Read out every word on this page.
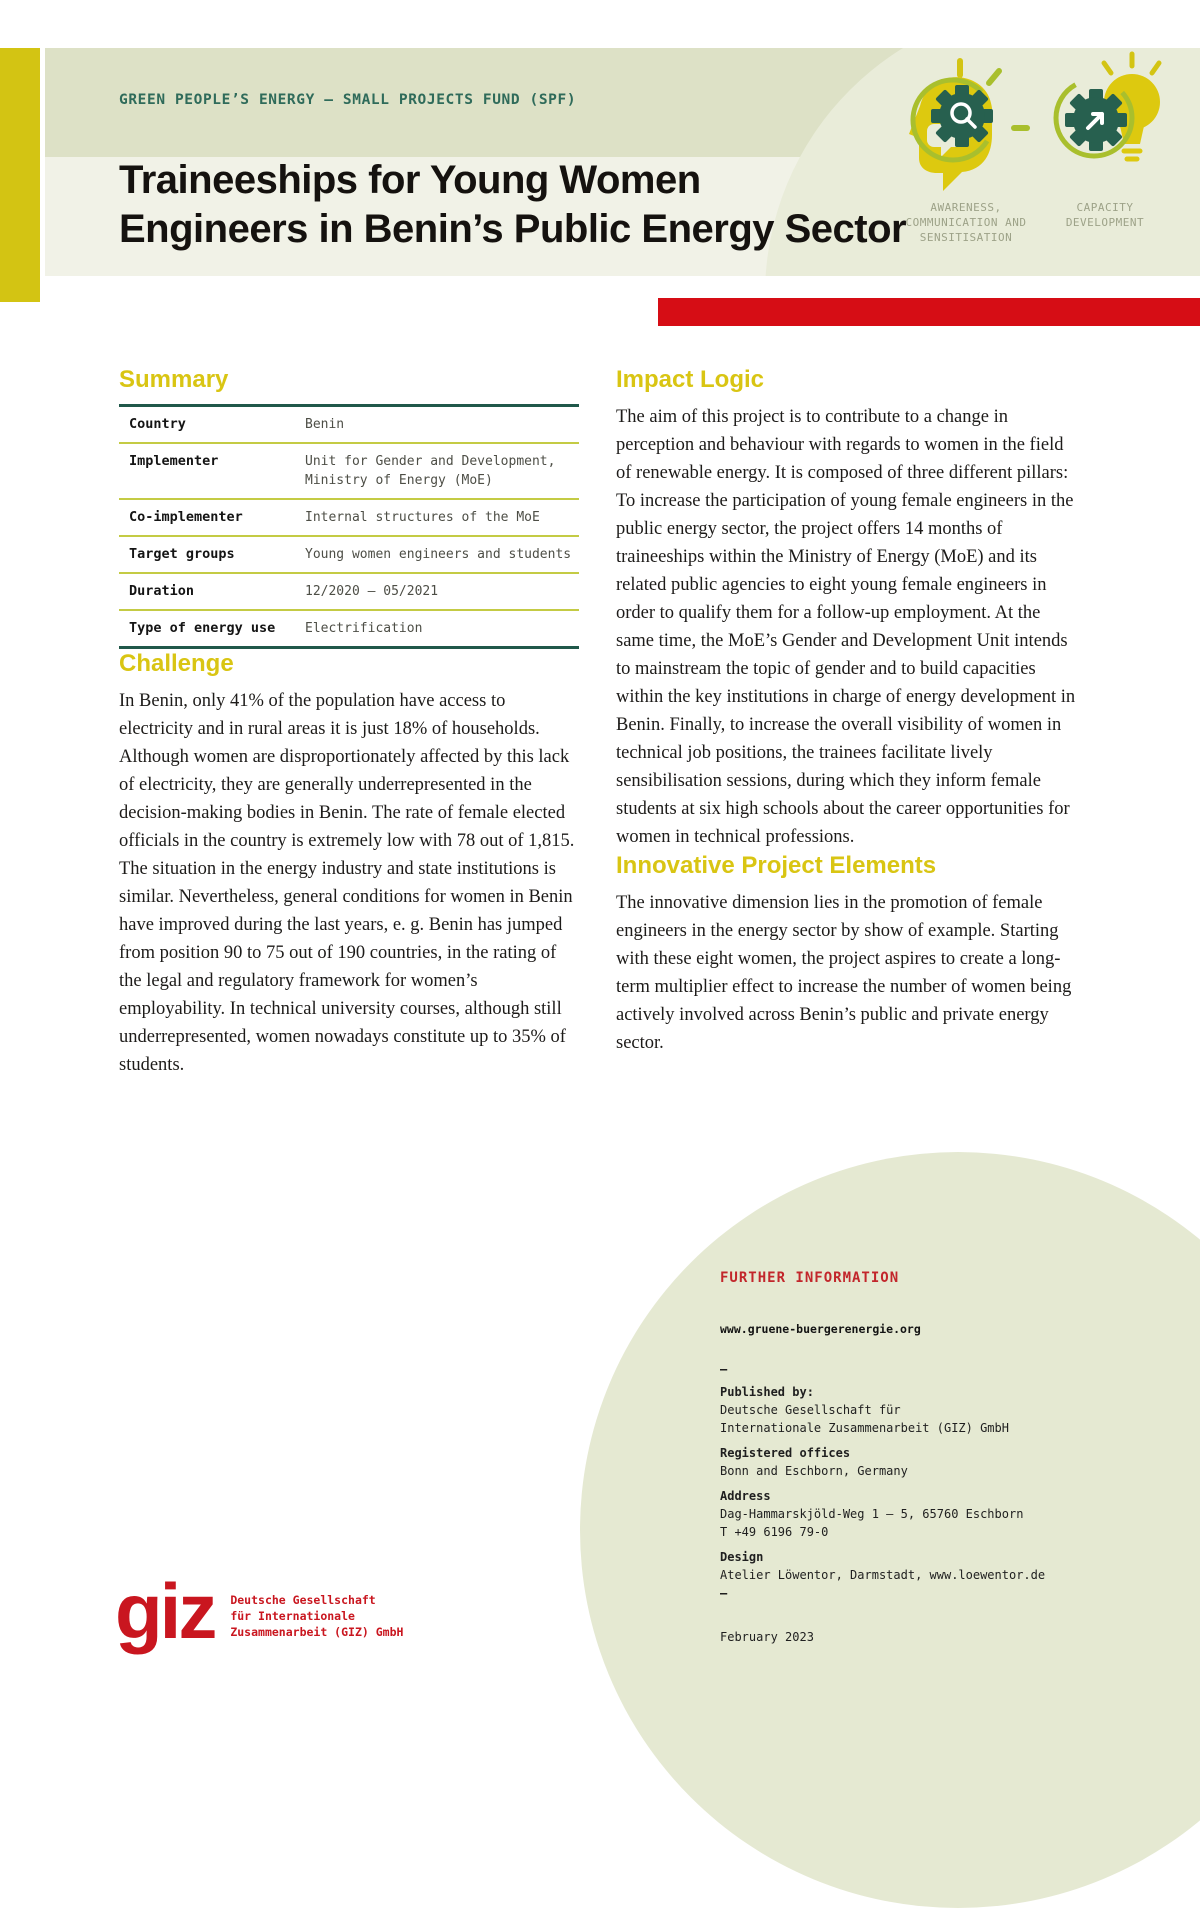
GREEN PEOPLE’S ENERGY – SMALL PROJECTS FUND (SPF)
Traineeships for Young Women
Engineers in Benin’s Public Energy Sector	AWARENESS,
COMMUNICATION AND
SENSITISATION
CAPACITY
DEVELOPMENT
Summary
Country	Benin
Implementer	Unit for Gender and Development, Ministry of Energy (MoE)
Co-implementer	Internal structures of the MoE
Target groups	Young women engineers and students
Duration	12/2020 – 05/2021
Type of energy use	Electrification
Challenge

In Benin, only 41% of the population have access to electricity and in rural areas it is just 18% of households. Although women are disproportionately affected by this lack of electricity, they are generally underrepresented in the decision-making bodies in Benin. The rate of female elected officials in the country is extremely low with 78 out of 1,815. The situation in the energy industry and state institutions is similar. Nevertheless, general conditions for women in Benin have improved during the last years, e. g. Benin has jumped from position 90 to 75 out of 190 countries, in the rating of the legal and regulatory framework for women’s employability. In technical university courses, although still underrepresented, women nowadays constitute up to 35% of students.

Impact Logic

The aim of this project is to contribute to a change in perception and behaviour with regards to women in the field of renewable energy. It is composed of three different pillars: To increase the participation of young female engineers in the public energy sector, the project offers 14 months of traineeships within the Ministry of Energy (MoE) and its related public agencies to eight young female engineers in order to qualify them for a follow-up employment. At the same time, the MoE’s Gender and Development Unit intends to mainstream the topic of gender and to build capacities within the key institutions in charge of energy development in Benin. Finally, to increase the overall visibility of women in technical job positions, the trainees facilitate lively sensibilisation sessions, during which they inform female students at six high schools about the career opportunities for women in technical professions.

Innovative Project Elements

The innovative dimension lies in the promotion of female engineers in the energy sector by show of example. Starting with these eight women, the project aspires to create a long-term multiplier effect to increase the number of women being actively involved across Benin’s public and private energy sector.

FURTHER INFORMATION
www.gruene-buergerenergie.org
–
Published by:
Deutsche Gesellschaft für
Internationale Zusammenarbeit (GIZ) GmbH
Registered offices
Bonn and Eschborn, Germany
Address
Dag-Hammarskjöld-Weg 1 – 5, 65760 Eschborn
T +49 6196 79-0
Design
Atelier Löwentor, Darmstadt, www.loewentor.de
–
February 2023
giz Deutsche Gesellschaft
für Internationale
Zusammenarbeit (GIZ) GmbH
